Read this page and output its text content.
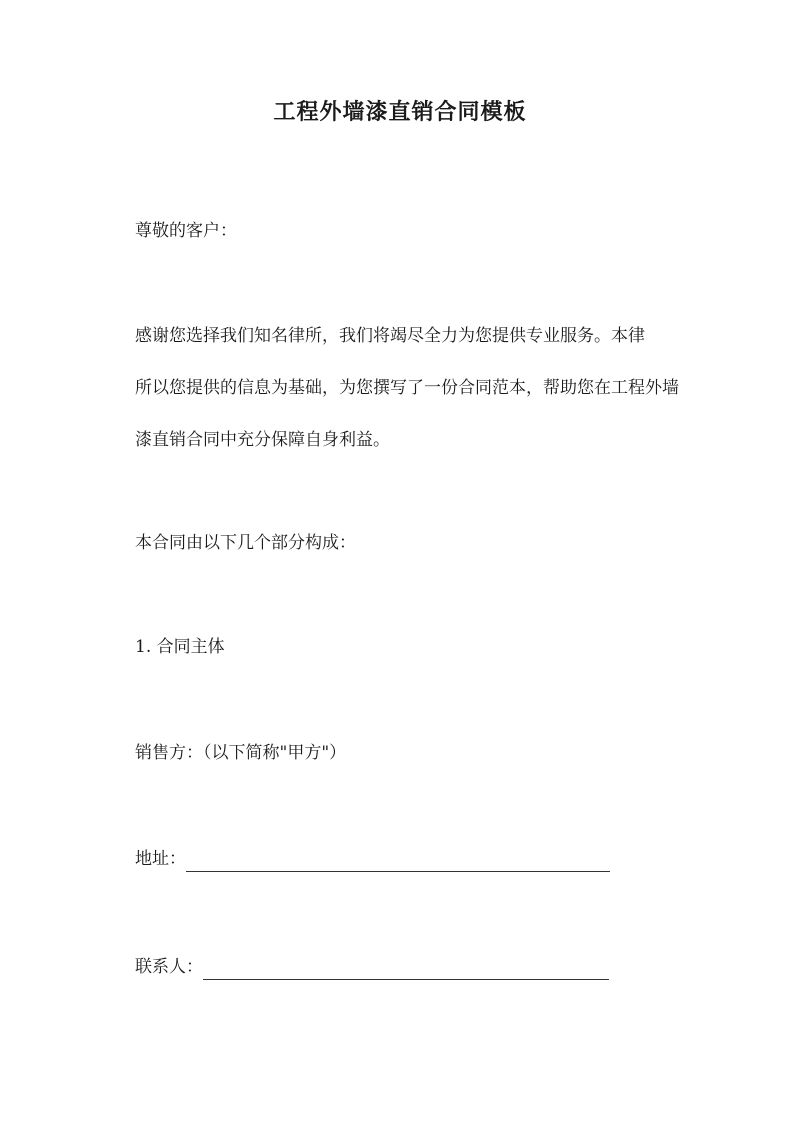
工程外墙漆直销合同模板
尊敬的客户：
感谢您选择我们知名律所，我们将竭尽全力为您提供专业服务。本律
所以您提供的信息为基础，为您撰写了一份合同范本，帮助您在工程外墙
漆直销合同中充分保障自身利益。
本合同由以下几个部分构成：
1. 合同主体
销售方：（以下简称"甲方"）
地址：
联系人：
